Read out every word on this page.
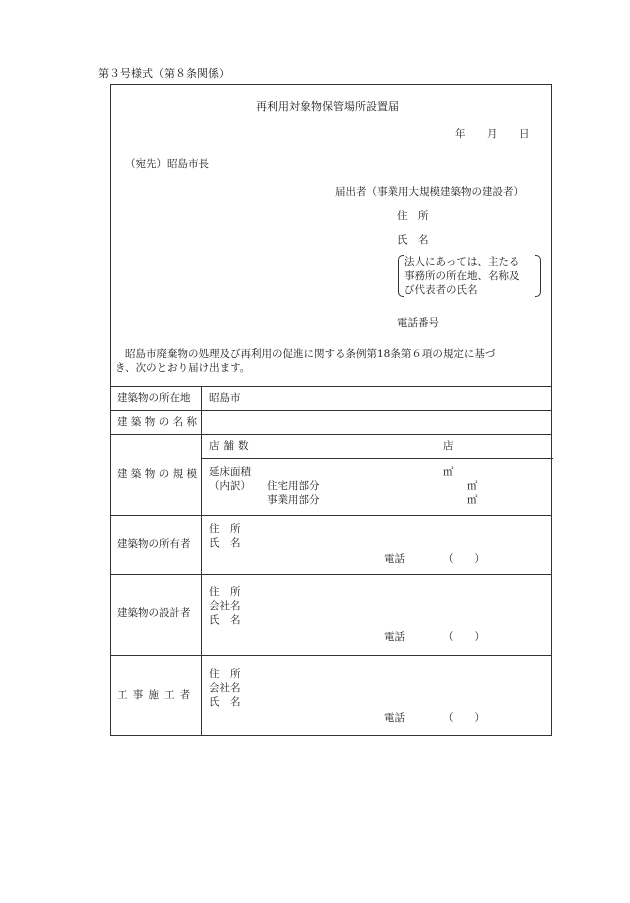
第３号様式（第８条関係）
再利用対象物保管場所設置届
年 月 日
（宛先）昭島市長
届出者（事業用大規模建築物の建設者）
住　所
氏　名
法人にあっては、主たる
事務所の所在地、名称及
び代表者の氏名
電話番号
昭島市廃棄物の処理及び再利用の促進に関する条例第18条第６項の規定に基づ
き、次のとおり届け出ます。
建築物の所在地 昭島市
建築物の名称
建築物の規模
店舗数	店
延床面積	㎡
（内訳） 住宅用部分	㎡
事業用部分	㎡
建築物の所有者
住　所
氏　名
電話	（　　）
建築物の設計者
住　所
会社名
氏　名
電話	（　　）
工事施工者
住　所
会社名
氏　名
電話	（　　）
